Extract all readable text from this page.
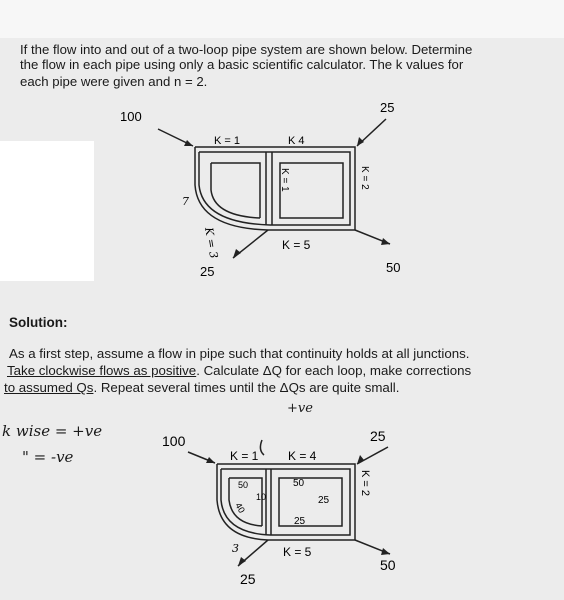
If the flow into and out of a two-loop pipe system are shown below. Determine
the flow in each pipe using only a basic scientific calculator. The k values for
each pipe were given and n = 2.
100
25
25	50
K = 1	K 4
K = 5
K = 1	K = 2
K = 3
7
100	25
25
50
K = 1 K = 4
K = 5
K = 2
3
50	50
10
40
25
25
Solution:
As a first step, assume a flow in pipe such that continuity holds at all junctions.
Take clockwise flows as positive. Calculate ΔQ for each loop, make corrections
to assumed Qs. Repeat several times until the ΔQs are quite small.
k wise = +ve
" = -ve
+ve
